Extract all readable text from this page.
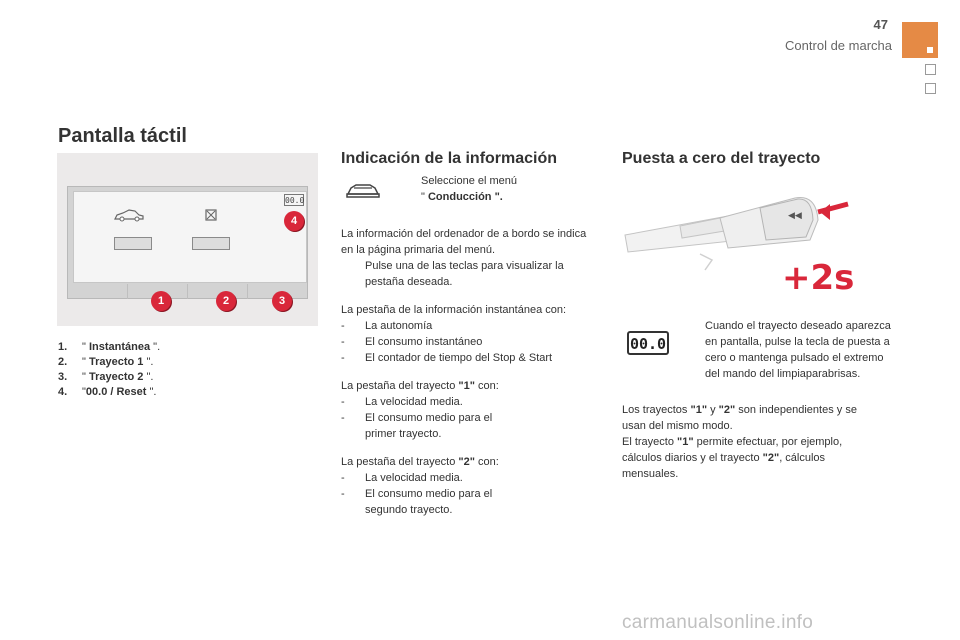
47
Control de marcha
Pantalla táctil
00.0
4
1	2	3
1. " Instantánea ".
2. " Trayecto 1 ".
3. " Trayecto 2 ".
4. "00.0 / Reset ".
Indicación de la información
Seleccione el menú
" Conducción ".

La información del ordenador de a bordo se indica en la página primaria del menú.

Pulse una de las teclas para visualizar la pestaña deseada.

La pestaña de la información instantánea con:

- La autonomía
- El consumo instantáneo
- El contador de tiempo del Stop & Start

La pestaña del trayecto "1" con:

- La velocidad media.
- El consumo medio para el primer trayecto.

La pestaña del trayecto "2" con:

- La velocidad media.
- El consumo medio para el segundo trayecto.
Puesta a cero del trayecto
◀◀
+2s
00.0
Cuando el trayecto deseado aparezca en pantalla, pulse la tecla de puesta a cero o mantenga pulsado el extremo del mando del limpiaparabrisas.

Los trayectos "1" y "2" son independientes y se usan del mismo modo.

El trayecto "1" permite efectuar, por ejemplo, cálculos diarios y el trayecto "2", cálculos mensuales.

carmanualsonline.info
